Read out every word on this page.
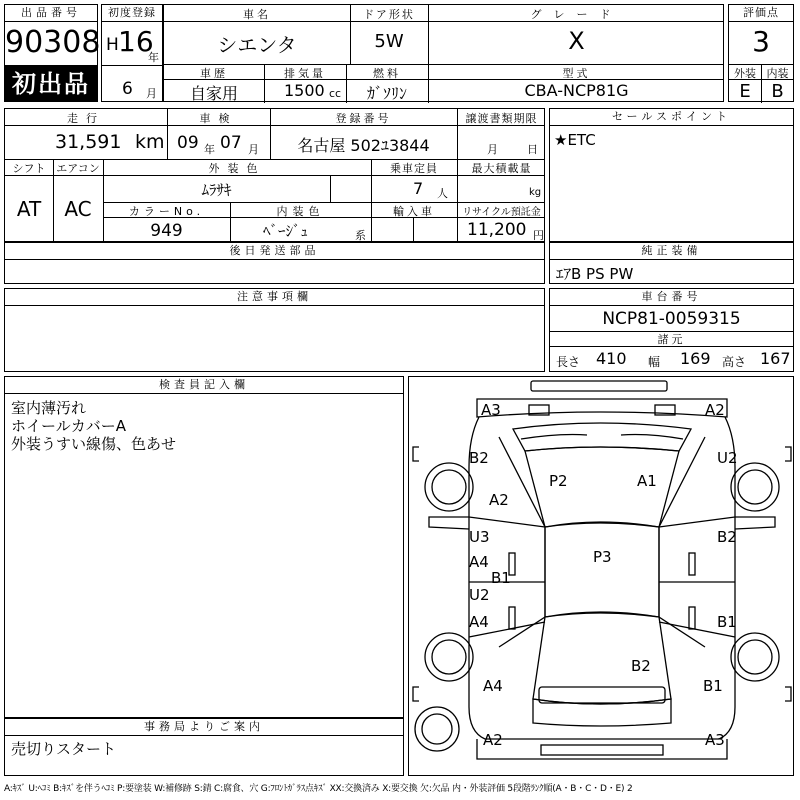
出品番号
90308
初出品
初度登録
H 16
年
6 月
車名
シエンタ
ドア形状
5W
グレード
X
車歴
自家用
排気量
1500 cc
燃料
ｶﾞｿﾘﾝ
型式
CBA-NCP81G
評価点
3
外装 内装
E	B
走行
31,591 km
車検
09 年 07 月
登録番号
名古屋 502ﾕ3844
譲渡書類期限
月	日
シフト
AT
エアコン
AC
外装色
ﾑﾗｻｷ
乗車定員
7 人
最大積載量
kg
カラーNo.
949
内装色
ﾍﾞｰｼﾞｭ	系
輸入車	リサイクル預託金
11,200 円
セールスポイント
★ETC
後日発送部品	純正装備
ｴｱB PS PW
注意事項欄	車台番号
NCP81-0059315
諸元
長さ 410 幅 169 高さ 167
検査員記入欄
室内薄汚れ
ホイールカバーA
外装うすい線傷、色あせ
事務局よりご案内
売切りスタート
A3	A2
B2	U2
P2	A1
A2
U3	B2
A4	P3
B1
U2
A4	B1
B2
A4	B1
A2	A3
A:ｷｽﾞ U:ﾍｺﾐ B:ｷｽﾞを伴うﾍｺﾐ P:要塗装 W:補修跡 S:錆 C:腐食、穴 G:ﾌﾛﾝﾄｶﾞﾗｽ点ｷｽﾞ XX:交換済み X:要交換 欠:欠品 内・外装評価 5段階ﾗﾝｸ順(A・B・C・D・E) 2
